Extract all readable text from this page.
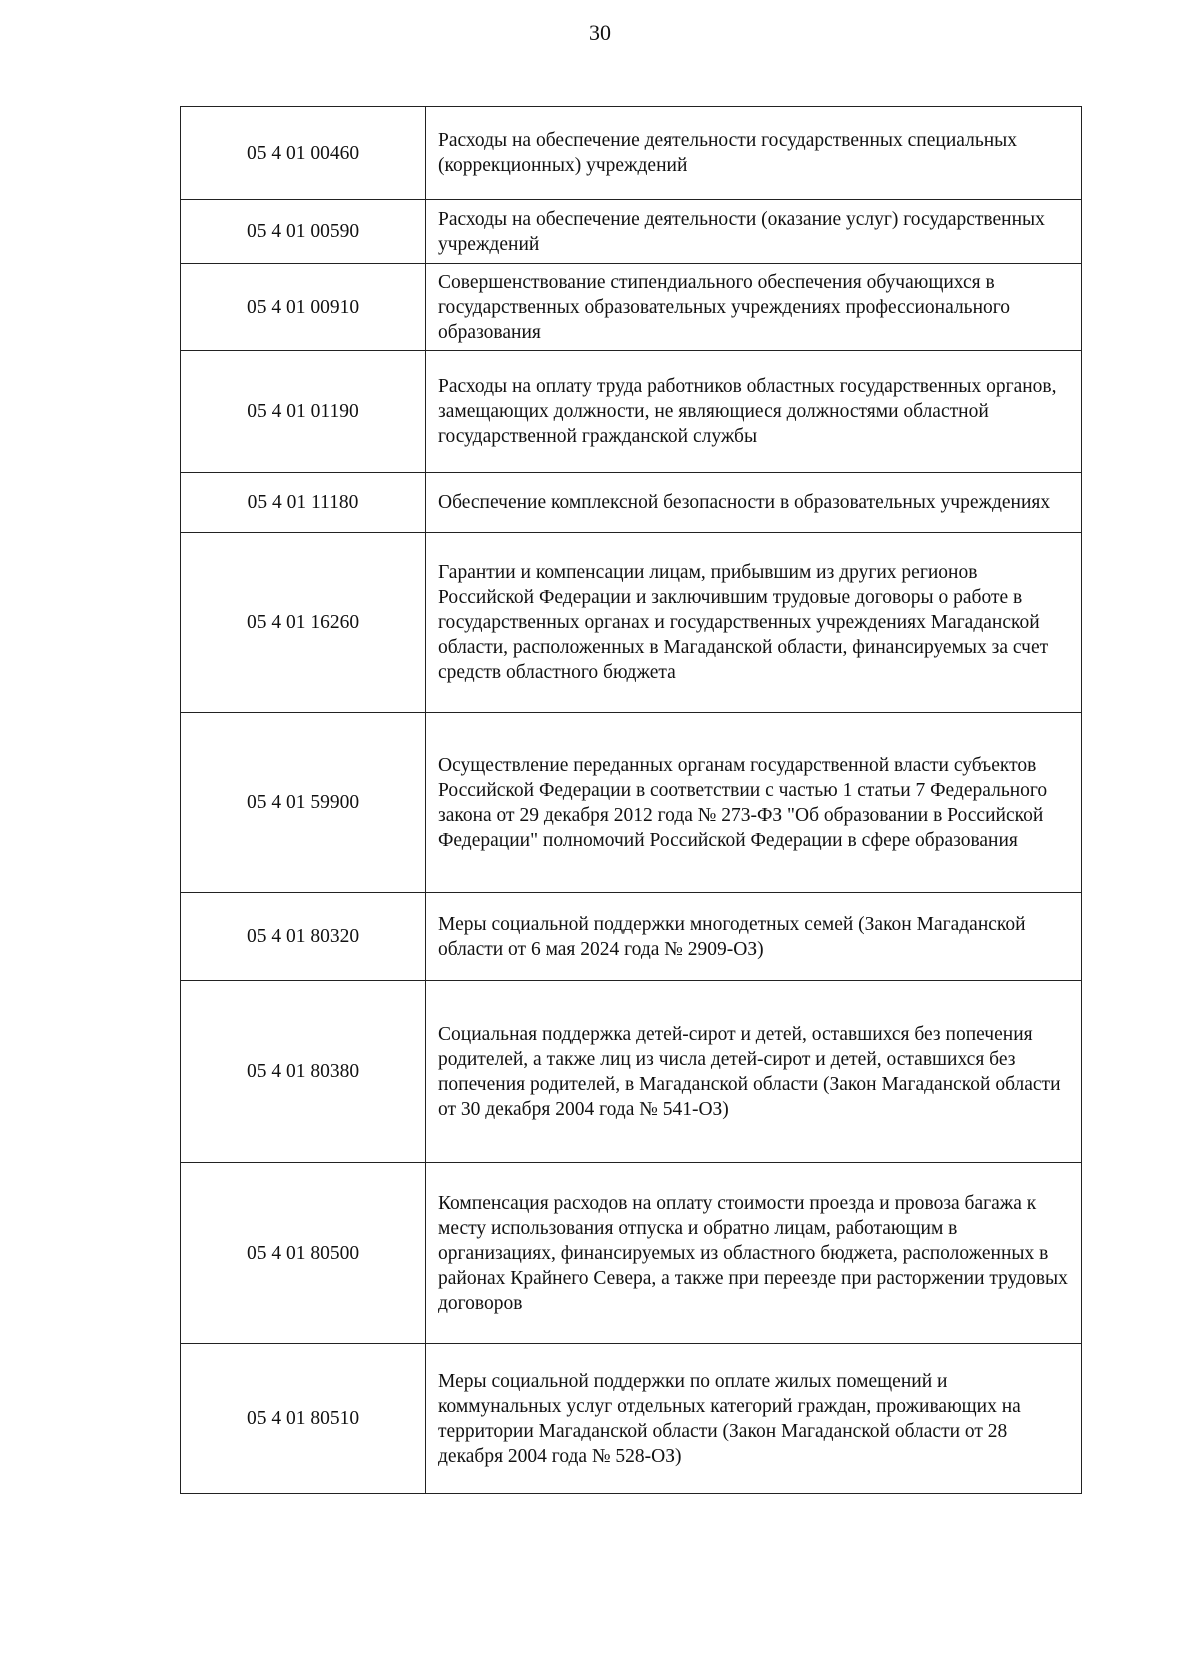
30
05 4 01 00460	Расходы на обеспечение деятельности государственных специальных (коррекционных) учреждений
05 4 01 00590	Расходы на обеспечение деятельности (оказание услуг) государственных учреждений
05 4 01 00910	Совершенствование стипендиального обеспечения обучающихся в государственных образовательных учреждениях профессионального образования
05 4 01 01190	Расходы на оплату труда работников областных государственных органов, замещающих должности, не являющиеся должностями областной государственной гражданской службы
05 4 01 11180	Обеспечение комплексной безопасности в образовательных учреждениях
05 4 01 16260	Гарантии и компенсации лицам, прибывшим из других регионов Российской Федерации и заключившим трудовые договоры о работе в государственных органах и государственных учреждениях Магаданской области, расположенных в Магаданской области, финансируемых за счет средств областного бюджета
05 4 01 59900	Осуществление переданных органам государственной власти субъектов Российской Федерации в соответствии с частью 1 статьи 7 Федерального закона от 29 декабря 2012 года № 273-ФЗ "Об образовании в Российской Федерации" полномочий Российской Федерации в сфере образования
05 4 01 80320	Меры социальной поддержки многодетных семей (Закон Магаданской области от 6 мая 2024 года № 2909-ОЗ)
05 4 01 80380	Социальная поддержка детей-сирот и детей, оставшихся без попечения родителей, а также лиц из числа детей-сирот и детей, оставшихся без попечения родителей, в Магаданской области (Закон Магаданской области от 30 декабря 2004 года № 541-ОЗ)
05 4 01 80500	Компенсация расходов на оплату стоимости проезда и провоза багажа к месту использования отпуска и обратно лицам, работающим в организациях, финансируемых из областного бюджета, расположенных в районах Крайнего Севера, а также при переезде при расторжении трудовых договоров
05 4 01 80510	Меры социальной поддержки по оплате жилых помещений и коммунальных услуг отдельных категорий граждан, проживающих на территории Магаданской области (Закон Магаданской области от 28 декабря 2004 года № 528-ОЗ)
